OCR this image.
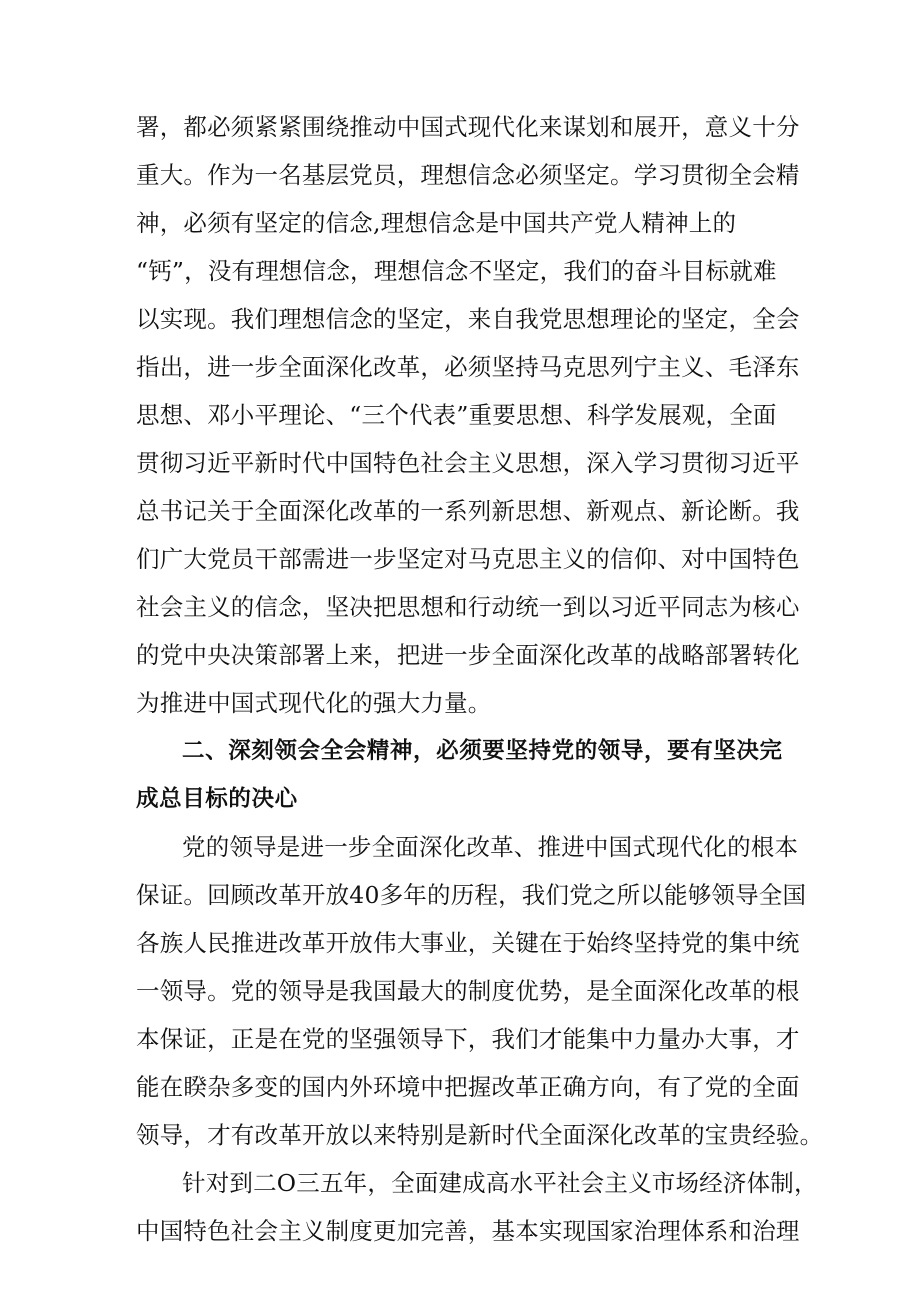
署，都必须紧紧围绕推动中国式现代化来谋划和展开，意义十分
重大。作为一名基层党员，理想信念必须坚定。学习贯彻全会精
神，必须有坚定的信念,理想信念是中国共产党人精神上的
“钙”，没有理想信念，理想信念不坚定，我们的奋斗目标就难
以实现。我们理想信念的坚定，来自我党思想理论的坚定，全会
指出，进一步全面深化改革，必须坚持马克思列宁主义、毛泽东
思想、邓小平理论、“三个代表”重要思想、科学发展观，全面
贯彻习近平新时代中国特色社会主义思想，深入学习贯彻习近平
总书记关于全面深化改革的一系列新思想、新观点、新论断。我
们广大党员干部需进一步坚定对马克思主义的信仰、对中国特色
社会主义的信念，坚决把思想和行动统一到以习近平同志为核心
的党中央决策部署上来，把进一步全面深化改革的战略部署转化
为推进中国式现代化的强大力量。
二、深刻领会全会精神，必须要坚持党的领导，要有坚决完
成总目标的决心
党的领导是进一步全面深化改革、推进中国式现代化的根本
保证。回顾改革开放40多年的历程，我们党之所以能够领导全国
各族人民推进改革开放伟大事业，关键在于始终坚持党的集中统
一领导。党的领导是我国最大的制度优势，是全面深化改革的根
本保证，正是在党的坚强领导下，我们才能集中力量办大事，才
能在睽杂多变的国内外环境中把握改革正确方向，有了党的全面
领导，才有改革开放以来特别是新时代全面深化改革的宝贵经验。
针对到二O三五年，全面建成高水平社会主义市场经济体制，
中国特色社会主义制度更加完善，基本实现国家治理体系和治理
